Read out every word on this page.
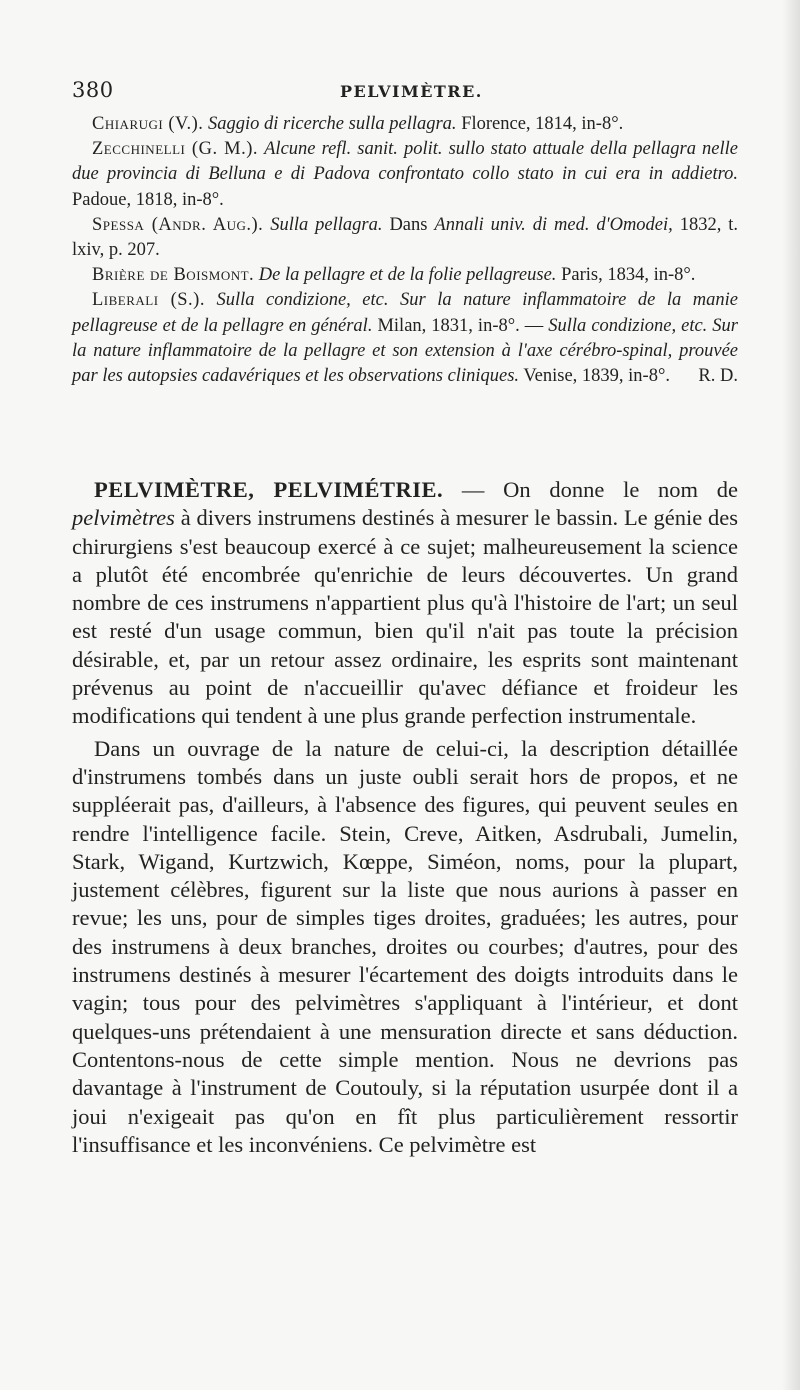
380	PELVIMÈTRE.

Chiarugi (V.). Saggio di ricerche sulla pellagra. Florence, 1814, in-8°.

Zecchinelli (G. M.). Alcune refl. sanit. polit. sullo stato attuale della pellagra nelle due provincia di Belluna e di Padova confrontato collo stato in cui era in addietro. Padoue, 1818, in-8°.

Spessa (Andr. Aug.). Sulla pellagra. Dans Annali univ. di med. d'Omodei, 1832, t. lxiv, p. 207.

Brière de Boismont. De la pellagre et de la folie pellagreuse. Paris, 1834, in-8°.

Liberali (S.). Sulla condizione, etc. Sur la nature inflammatoire de la manie pellagreuse et de la pellagre en général. Milan, 1831, in-8°. — Sulla condizione, etc. Sur la nature inflammatoire de la pellagre et son extension à l'axe cérébro-spinal, prouvée par les autopsies cadavériques et les observations cliniques. Venise, 1839, in-8°.	R. D.

PELVIMÈTRE, PELVIMÉTRIE. — On donne le nom de pelvimètres à divers instrumens destinés à mesurer le bassin. Le génie des chirurgiens s'est beaucoup exercé à ce sujet; malheureusement la science a plutôt été encombrée qu'enrichie de leurs découvertes. Un grand nombre de ces instrumens n'appartient plus qu'à l'histoire de l'art; un seul est resté d'un usage commun, bien qu'il n'ait pas toute la précision désirable, et, par un retour assez ordinaire, les esprits sont maintenant prévenus au point de n'accueillir qu'avec défiance et froideur les modifications qui tendent à une plus grande perfection instrumentale.

Dans un ouvrage de la nature de celui-ci, la description détaillée d'instrumens tombés dans un juste oubli serait hors de propos, et ne suppléerait pas, d'ailleurs, à l'absence des figures, qui peuvent seules en rendre l'intelligence facile. Stein, Creve, Aitken, Asdrubali, Jumelin, Stark, Wigand, Kurtzwich, Kœppe, Siméon, noms, pour la plupart, justement célèbres, figurent sur la liste que nous aurions à passer en revue; les uns, pour de simples tiges droites, graduées; les autres, pour des instrumens à deux branches, droites ou courbes; d'autres, pour des instrumens destinés à mesurer l'écartement des doigts introduits dans le vagin; tous pour des pelvimètres s'appliquant à l'intérieur, et dont quelques-uns prétendaient à une mensuration directe et sans déduction. Contentons-nous de cette simple mention. Nous ne devrions pas davantage à l'instrument de Coutouly, si la réputation usurpée dont il a joui n'exigeait pas qu'on en fît plus particulièrement ressortir l'insuffisance et les inconvéniens. Ce pelvimètre est
